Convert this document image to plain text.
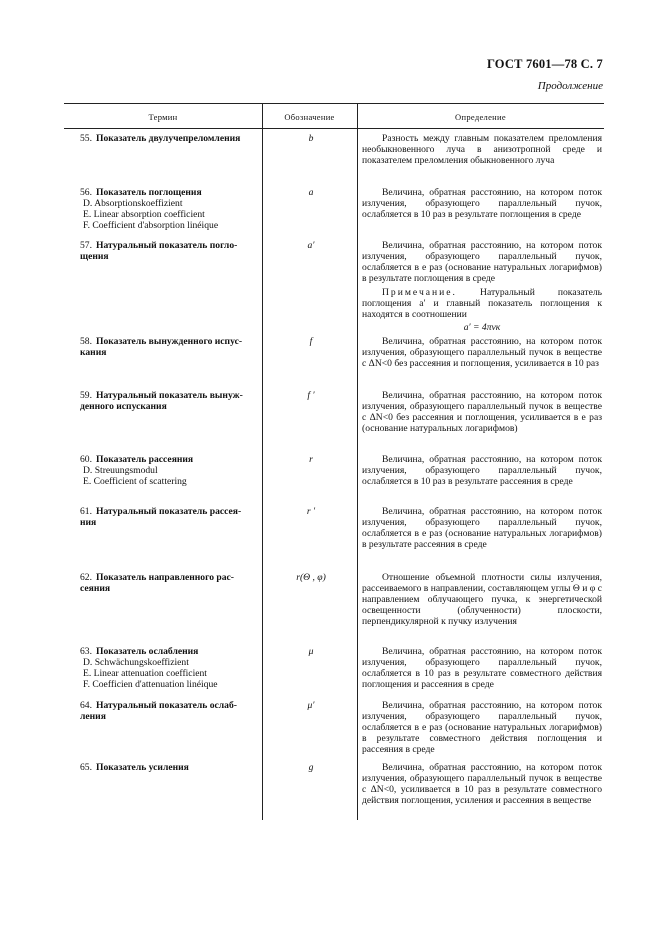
ГОСТ 7601—78 С. 7
Продолжение
Термин	Обозначение	Определение
55. Показатель двулучепреломления	b	Разность между главным показателем преломления необыкновенного луча в анизотропной среде и показателем преломления обыкновенного луча
56. Показатель поглощения
D. Absorptionskoeffizient
E. Linear absorption coefficient
F. Coefficient d'absorption linéique
a	Величина, обратная расстоянию, на котором поток излучения, образующего параллельный пучок, ослабляется в 10 раз в результате поглощения в среде
57. Натуральный показатель погло-
щения
a′	Величина, обратная расстоянию, на котором поток излучения, образующего параллельный пучок, ослабляется в e раз (основание натуральных логарифмов) в результате поглощения в среде
Примечание. Натуральный показатель поглощения a′ и главный показатель поглощения к находятся в соотношении
a′ = 4πνк
58. Показатель вынужденного испус-
кания
f	Величина, обратная расстоянию, на котором поток излучения, образующего параллельный пучок в веществе с ΔN<0 без рассеяния и поглощения, усиливается в 10 раз
59. Натуральный показатель вынуж-
денного испускания
f ′	Величина, обратная расстоянию, на котором поток излучения, образующего параллельный пучок в веществе с ΔN<0 без рассеяния и поглощения, усиливается в e раз (основание натуральных логарифмов)
60. Показатель рассеяния
D. Streuungsmodul
E. Coefficient of scattering
r	Величина, обратная расстоянию, на котором поток излучения, образующего параллельный пучок, ослабляется в 10 раз в результате рассеяния в среде
61. Натуральный показатель рассея-
ния
r ′	Величина, обратная расстоянию, на котором поток излучения, образующего параллельный пучок, ослабляется в e раз (основание натуральных логарифмов) в результате рассеяния в среде
62. Показатель направленного рас-
сеяния
r(Θ , φ)	Отношение объемной плотности силы излучения, рассеиваемого в направлении, составляющем углы Θ и φ с направлением облучающего пучка, к энергетической освещенности (облученности) плоскости, перпендикулярной к пучку излучения
63. Показатель ослабления
D. Schwächungskoeffizient
E. Linear attenuation coefficient
F. Coefficien d'attenuation linéique
μ	Величина, обратная расстоянию, на котором поток излучения, образующего параллельный пучок, ослабляется в 10 раз в результате совместного действия поглощения и рассеяния в среде
64. Натуральный показатель ослаб-
ления
μ′	Величина, обратная расстоянию, на котором поток излучения, образующего параллельный пучок, ослабляется в e раз (основание натуральных логарифмов) в результате совместного действия поглощения и рассеяния в среде
65. Показатель усиления	g	Величина, обратная расстоянию, на котором поток излучения, образующего параллельный пучок в веществе с ΔN<0, усиливается в 10 раз в результате совместного действия поглощения, усиления и рассеяния в веществе
